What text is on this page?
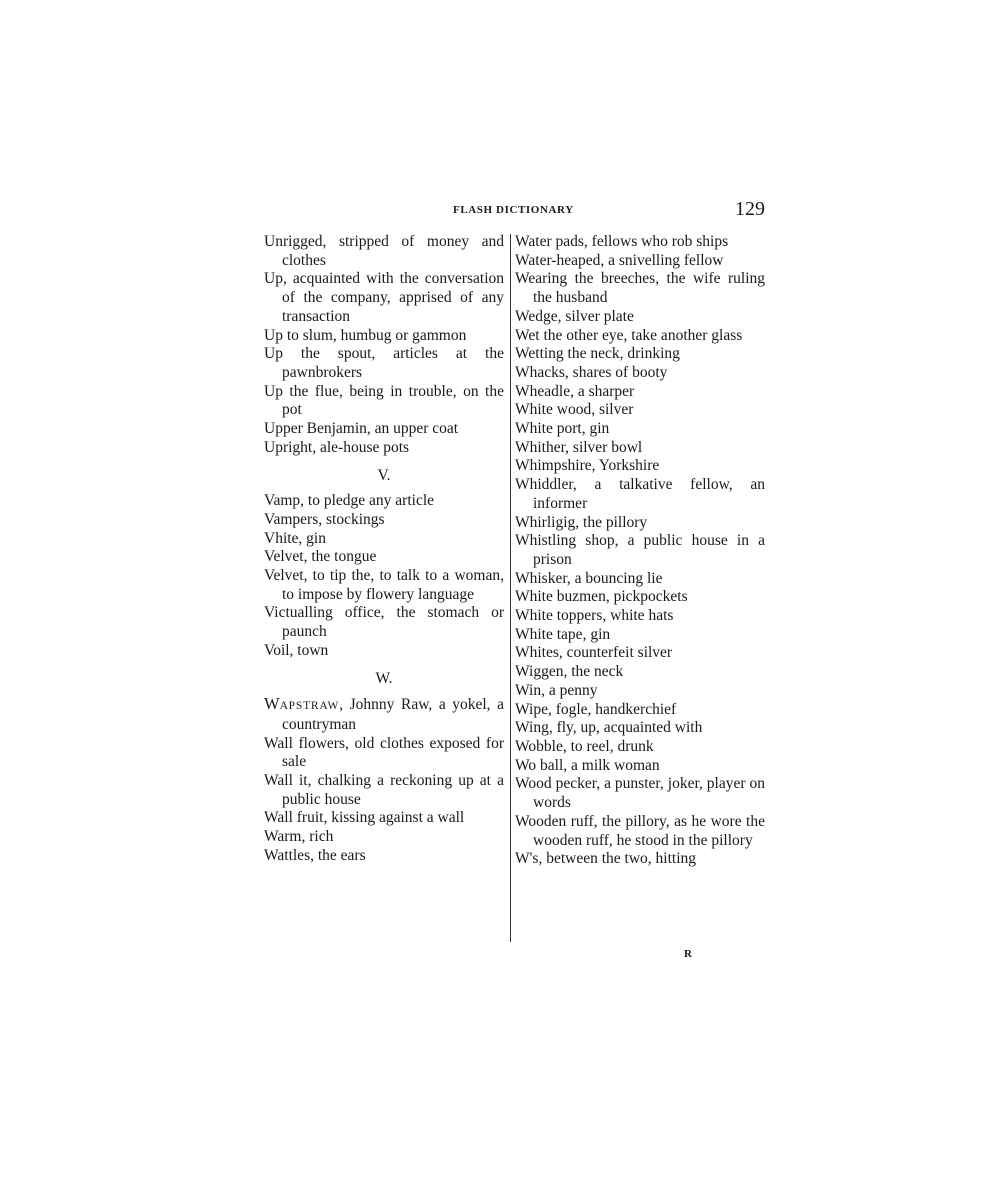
FLASH DICTIONARY	129
Unrigged, stripped of money and clothes
Up, acquainted with the conversation of the company, apprised of any transaction
Up to slum, humbug or gammon
Up the spout, articles at the pawnbrokers
Up the flue, being in trouble, on the pot
Upper Benjamin, an upper coat
Upright, ale-house pots
V.
Vamp, to pledge any article
Vampers, stockings
Vhite, gin
Velvet, the tongue
Velvet, to tip the, to talk to a woman, to impose by flowery language
Victualling office, the stomach or paunch
Voil, town
W.
WAPSTRAW, Johnny Raw, a yokel, a countryman
Wall flowers, old clothes exposed for sale
Wall it, chalking a reckoning up at a public house
Wall fruit, kissing against a wall
Warm, rich
Wattles, the ears
Water pads, fellows who rob ships
Water-heaped, a snivelling fellow
Wearing the breeches, the wife ruling the husband
Wedge, silver plate
Wet the other eye, take another glass
Wetting the neck, drinking
Whacks, shares of booty
Wheadle, a sharper
White wood, silver
White port, gin
Whither, silver bowl
Whimpshire, Yorkshire
Whiddler, a talkative fellow, an informer
Whirligig, the pillory
Whistling shop, a public house in a prison
Whisker, a bouncing lie
White buzmen, pickpockets
White toppers, white hats
White tape, gin
Whites, counterfeit silver
Wiggen, the neck
Win, a penny
Wipe, fogle, handkerchief
Wing, fly, up, acquainted with
Wobble, to reel, drunk
Wo ball, a milk woman
Wood pecker, a punster, joker, player on words
Wooden ruff, the pillory, as he wore the wooden ruff, he stood in the pillory
W's, between the two, hitting
R
